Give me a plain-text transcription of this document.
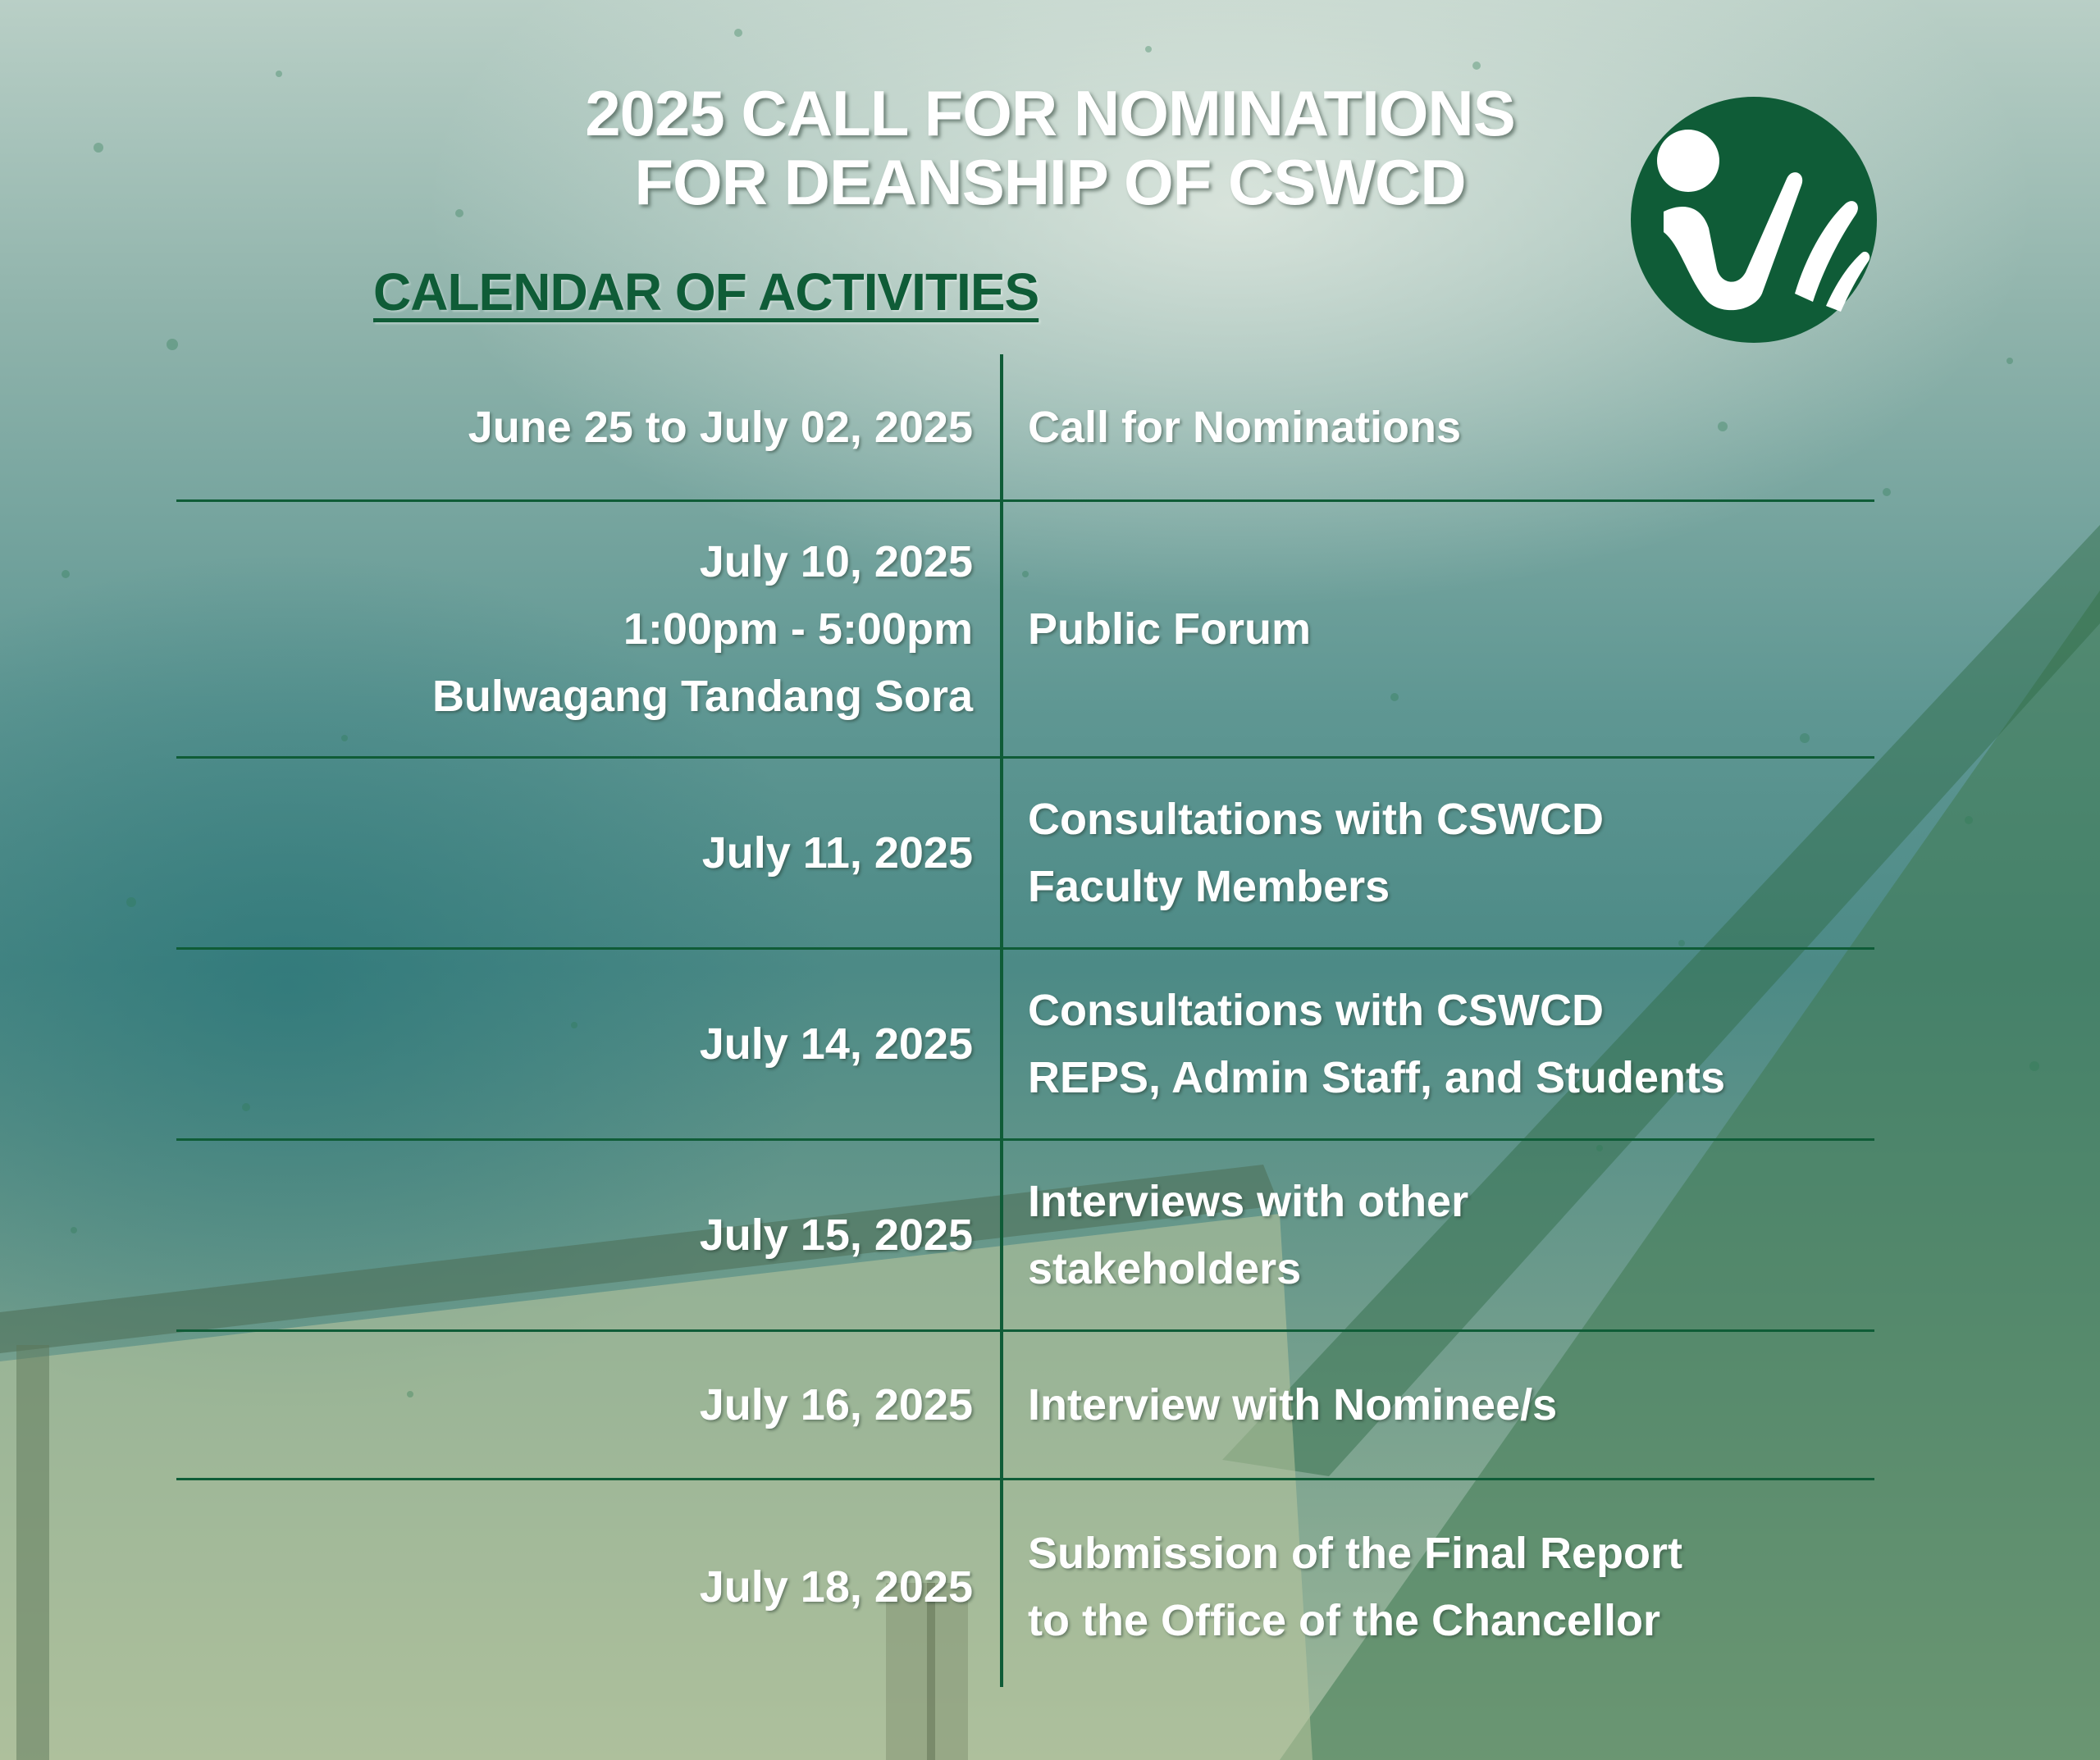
2025 CALL FOR NOMINATIONS
FOR DEANSHIP OF CSWCD
CALENDAR OF ACTIVITIES
June 25 to July 02, 2025 Call for Nominations
July 10, 2025
1:00pm - 5:00pm
Bulwagang Tandang Sora
Public Forum
July 11, 2025
Consultations with CSWCD
Faculty Members
July 14, 2025
Consultations with CSWCD
REPS, Admin Staff, and Students
July 15, 2025
Interviews with other
stakeholders
July 16, 2025 Interview with Nominee/s
July 18, 2025
Submission of the Final Report
to the Office of the Chancellor
